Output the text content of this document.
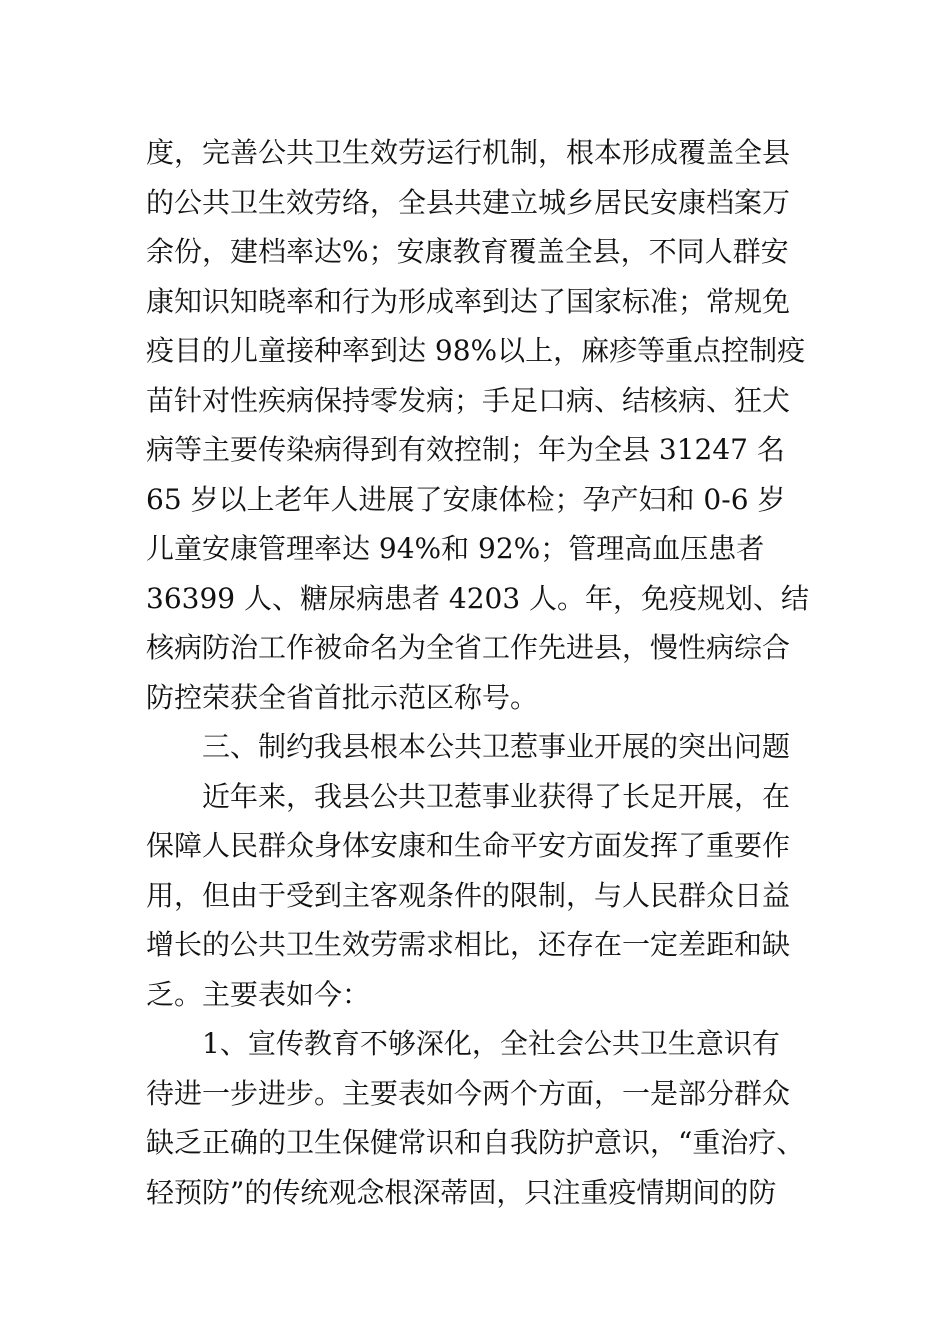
度，完善公共卫生效劳运行机制，根本形成覆盖全县
的公共卫生效劳络，全县共建立城乡居民安康档案万
余份，建档率达%；安康教育覆盖全县，不同人群安
康知识知晓率和行为形成率到达了国家标准；常规免
疫目的儿童接种率到达 98%以上，麻疹等重点控制疫
苗针对性疾病保持零发病；手足口病、结核病、狂犬
病等主要传染病得到有效控制；年为全县 31247 名
65 岁以上老年人进展了安康体检；孕产妇和 0-6 岁
儿童安康管理率达 94%和 92%；管理高血压患者
36399 人、糖尿病患者 4203 人。年，免疫规划、结
核病防治工作被命名为全省工作先进县，慢性病综合
防控荣获全省首批示范区称号。
三、制约我县根本公共卫惹事业开展的突出问题
近年来，我县公共卫惹事业获得了长足开展，在
保障人民群众身体安康和生命平安方面发挥了重要作
用，但由于受到主客观条件的限制，与人民群众日益
增长的公共卫生效劳需求相比，还存在一定差距和缺
乏。主要表如今：
1、宣传教育不够深化，全社会公共卫生意识有
待进一步进步。主要表如今两个方面，一是部分群众
缺乏正确的卫生保健常识和自我防护意识，“重治疗、
轻预防”的传统观念根深蒂固，只注重疫情期间的防
